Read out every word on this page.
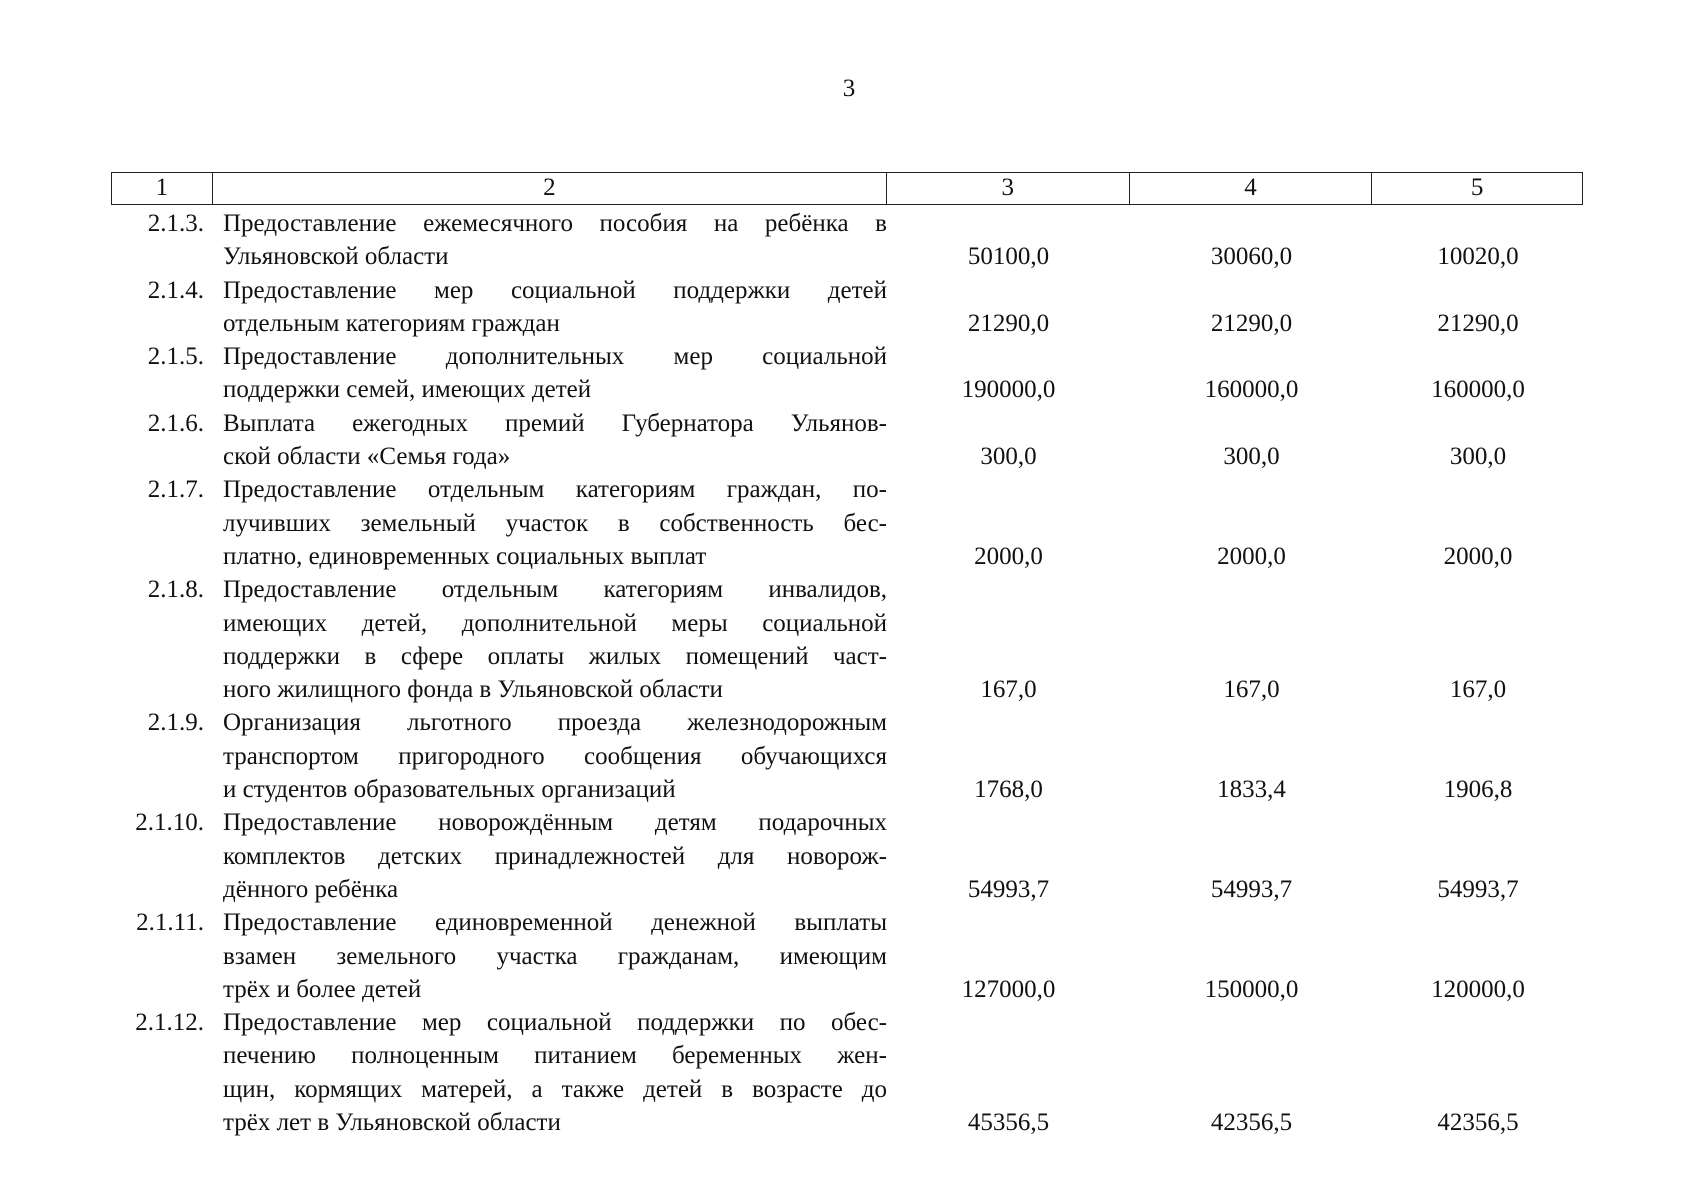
3
1	2	3	4	5
2.1.3. Предоставление ежемесячного пособия на ребёнка в
Ульяновской области	50100,0	30060,0	10020,0
2.1.4. Предоставление мер социальной поддержки детей
отдельным категориям граждан	21290,0	21290,0	21290,0
2.1.5. Предоставление дополнительных мер социальной
поддержки семей, имеющих детей	190000,0	160000,0	160000,0
2.1.6. Выплата ежегодных премий Губернатора Ульянов-
ской области «Семья года»	300,0	300,0	300,0
2.1.7. Предоставление отдельным категориям граждан, по-
лучивших земельный участок в собственность бес-
платно, единовременных социальных выплат	2000,0	2000,0	2000,0
2.1.8. Предоставление отдельным категориям инвалидов,
имеющих детей, дополнительной меры социальной
поддержки в сфере оплаты жилых помещений част-
ного жилищного фонда в Ульяновской области	167,0	167,0	167,0
2.1.9. Организация льготного проезда железнодорожным
транспортом пригородного сообщения обучающихся
и студентов образовательных организаций	1768,0	1833,4	1906,8
2.1.10. Предоставление новорождённым детям подарочных
комплектов детских принадлежностей для новорож-
дённого ребёнка	54993,7	54993,7	54993,7
2.1.11. Предоставление единовременной денежной выплаты
взамен земельного участка гражданам, имеющим
трёх и более детей	127000,0	150000,0	120000,0
2.1.12. Предоставление мер социальной поддержки по обес-
печению полноценным питанием беременных жен-
щин, кормящих матерей, а также детей в возрасте до
трёх лет в Ульяновской области	45356,5	42356,5	42356,5
